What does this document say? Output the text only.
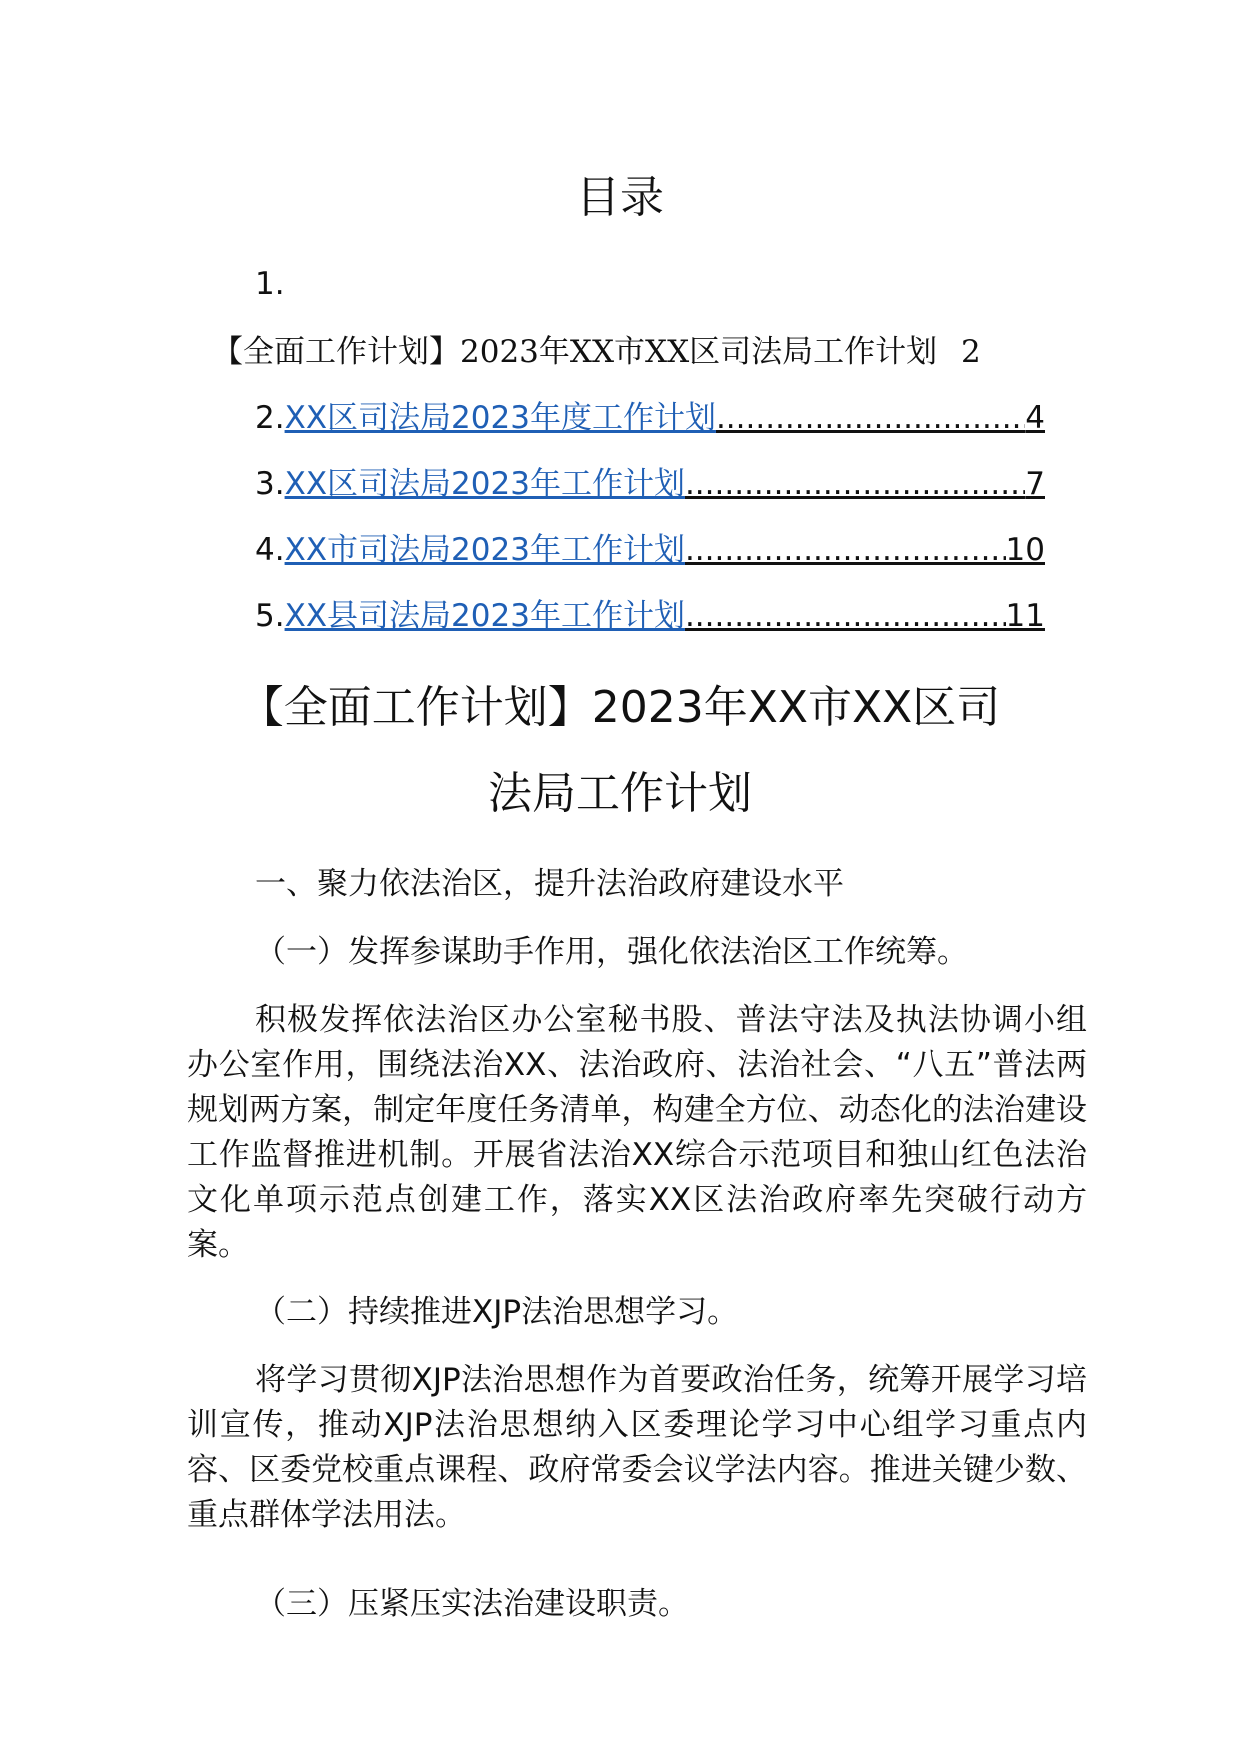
目录
1.
【全面工作计划】2023年XX市XX区司法局工作计划 2
2. XX区司法局2023年度工作计划 .....	4
3. XX区司法局2023年工作计划 .....	7
4. XX市司法局2023年工作计划 .....	10
5. XX县司法局2023年工作计划 .....	11
【全面工作计划】2023年XX市XX区司
法局工作计划
一、聚力依法治区，提升法治政府建设水平
（一）发挥参谋助手作用，强化依法治区工作统筹。

积极发挥依法治区办公室秘书股、普法守法及执法协调小组办公室作用，围绕法治XX、法治政府、法治社会、“八五”普法两规划两方案，制定年度任务清单，构建全方位、动态化的法治建设工作监督推进机制。开展省法治XX综合示范项目和独山红色法治文化单项示范点创建工作，落实XX区法治政府率先突破行动方案。

（二）持续推进XJP法治思想学习。

将学习贯彻XJP法治思想作为首要政治任务，统筹开展学习培训宣传，推动XJP法治思想纳入区委理论学习中心组学习重点内容、区委党校重点课程、政府常委会议学法内容。推进关键少数、重点群体学法用法。

（三）压紧压实法治建设职责。
